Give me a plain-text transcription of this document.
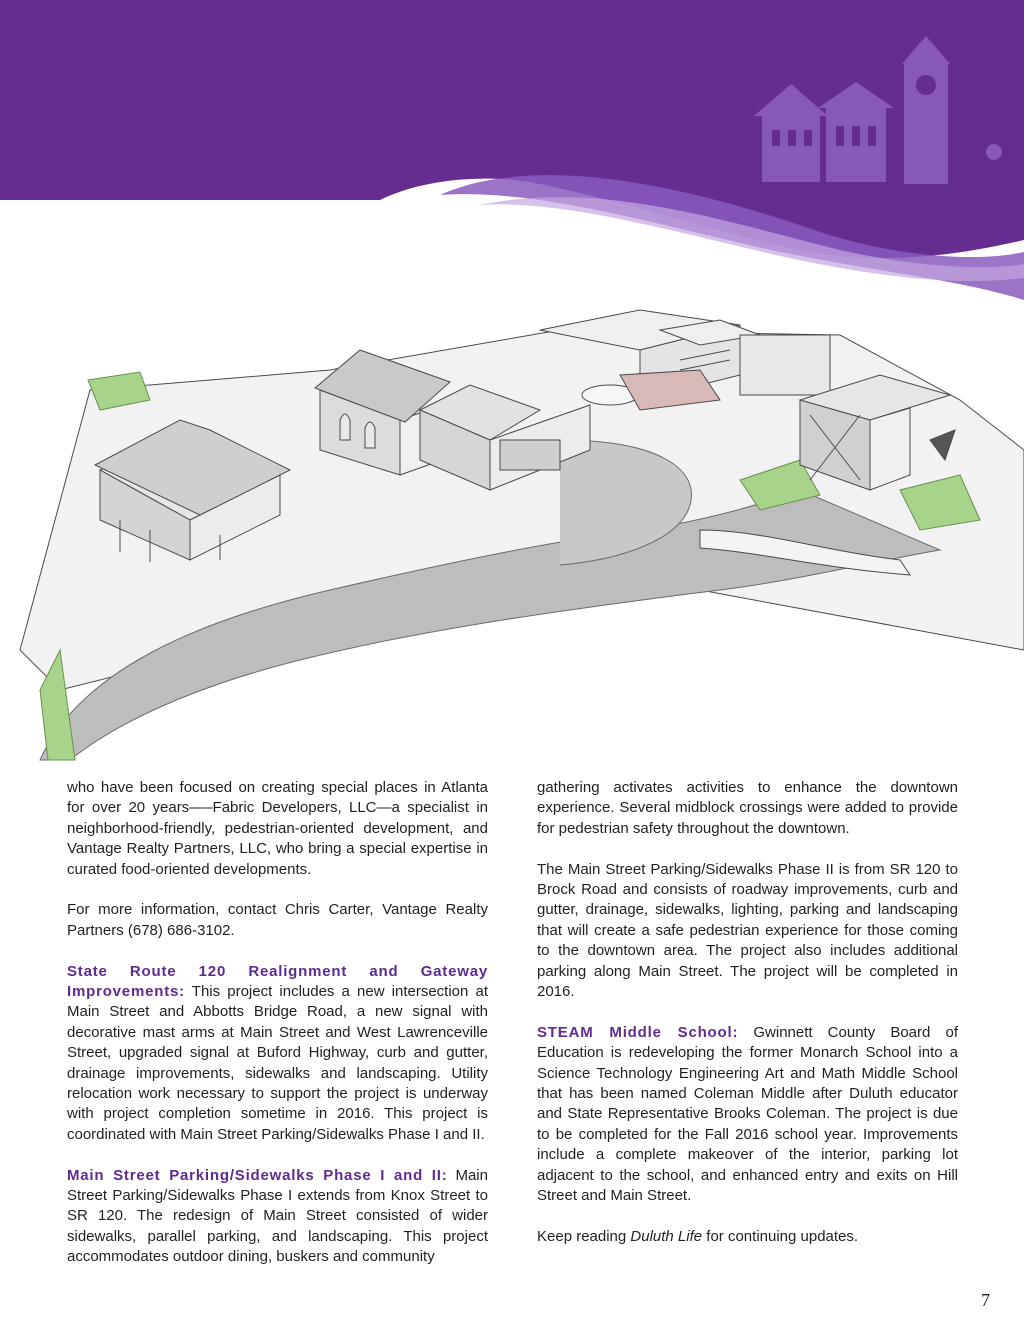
who have been focused on creating special places in Atlanta for over 20 years—–Fabric Developers, LLC—a specialist in neighborhood-friendly, pedestrian-oriented development, and Vantage Realty Partners, LLC, who bring a special expertise in curated food-oriented developments.

For more information, contact Chris Carter, Vantage Realty Partners (678) 686-3102.

State Route 120 Realignment and Gateway Improvements: This project includes a new intersection at Main Street and Abbotts Bridge Road, a new signal with decorative mast arms at Main Street and West Lawrenceville Street, upgraded signal at Buford Highway, curb and gutter, drainage improvements, sidewalks and landscaping. Utility relocation work necessary to support the project is underway with project completion sometime in 2016. This project is coordinated with Main Street Parking/Sidewalks Phase I and II.

Main Street Parking/Sidewalks Phase I and II: Main Street Parking/Sidewalks Phase I extends from Knox Street to SR 120. The redesign of Main Street consisted of wider sidewalks, parallel parking, and landscaping. This project accommodates outdoor dining, buskers and community

gathering activates activities to enhance the downtown experience. Several midblock crossings were added to provide for pedestrian safety throughout the downtown.

The Main Street Parking/Sidewalks Phase II is from SR 120 to Brock Road and consists of roadway improvements, curb and gutter, drainage, sidewalks, lighting, parking and landscaping that will create a safe pedestrian experience for those coming to the downtown area. The project also includes additional parking along Main Street. The project will be completed in 2016.

STEAM Middle School: Gwinnett County Board of Education is redeveloping the former Monarch School into a Science Technology Engineering Art and Math Middle School that has been named Coleman Middle after Duluth educator and State Representative Brooks Coleman. The project is due to be completed for the Fall 2016 school year. Improvements include a complete makeover of the interior, parking lot adjacent to the school, and enhanced entry and exits on Hill Street and Main Street.

Keep reading Duluth Life for continuing updates.

7
